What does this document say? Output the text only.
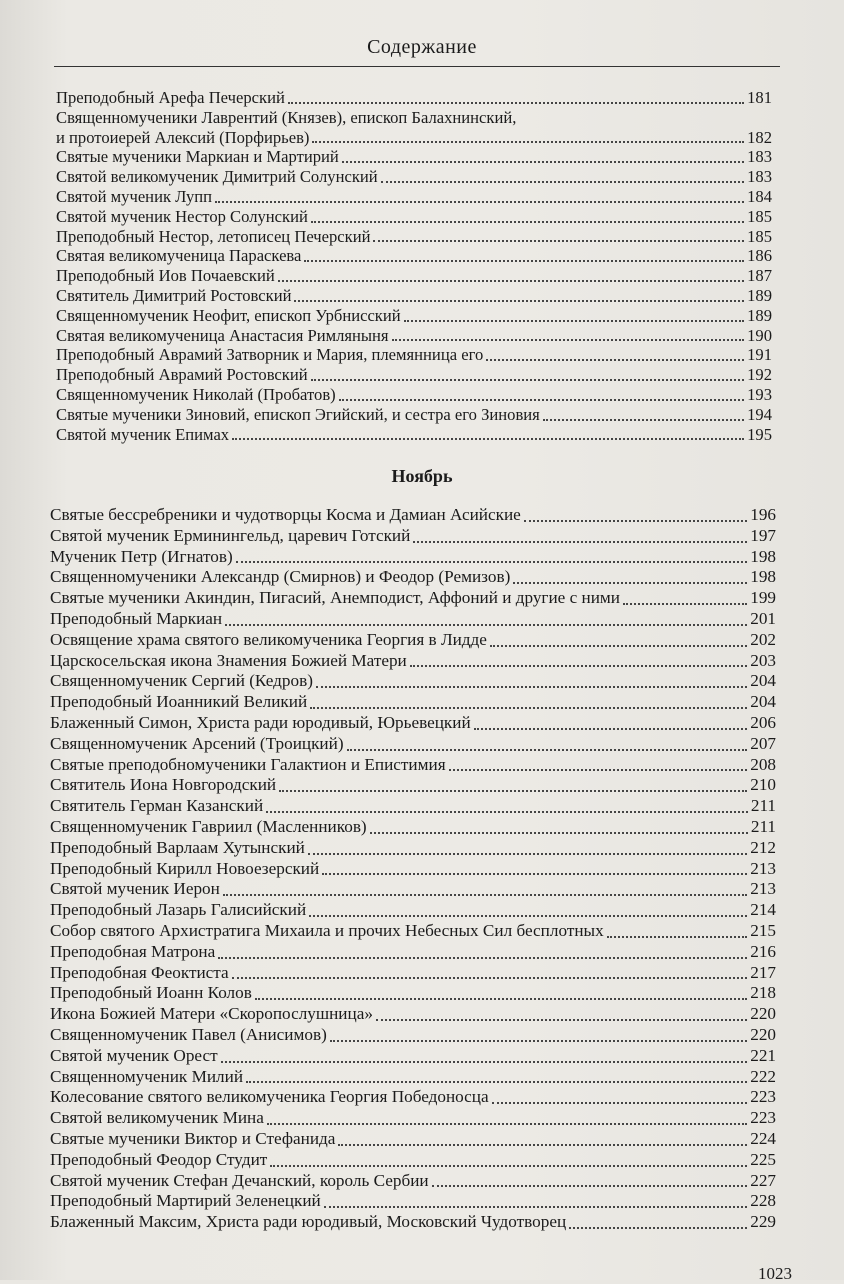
Содержание
Преподобный Арефа Печерский	181
Священномученики Лаврентий (Князев), епископ Балахнинский,
и протоиерей Алексий (Порфирьев)	182
Святые мученики Маркиан и Мартирий	183
Святой великомученик Димитрий Солунский	183
Святой мученик Лупп	184
Святой мученик Нестор Солунский	185
Преподобный Нестор, летописец Печерский	185
Святая великомученица Параскева	186
Преподобный Иов Почаевский	187
Святитель Димитрий Ростовский	189
Священномученик Неофит, епископ Урбнисский	189
Святая великомученица Анастасия Римляныня	190
Преподобный Аврамий Затворник и Мария, племянница его	191
Преподобный Аврамий Ростовский	192
Священномученик Николай (Пробатов)	193
Святые мученики Зиновий, епископ Эгийский, и сестра его Зиновия	194
Святой мученик Епимах	195
Ноябрь
Святые бессребреники и чудотворцы Косма и Дамиан Асийские	196
Святой мученик Ерминингельд, царевич Готский	197
Мученик Петр (Игнатов)	198
Священномученики Александр (Смирнов) и Феодор (Ремизов)	198
Святые мученики Акиндин, Пигасий, Анемподист, Аффоний и другие с ними	199
Преподобный Маркиан	201
Освящение храма святого великомученика Георгия в Лидде	202
Царскосельская икона Знамения Божией Матери	203
Священномученик Сергий (Кедров)	204
Преподобный Иоанникий Великий	204
Блаженный Симон, Христа ради юродивый, Юрьевецкий	206
Священномученик Арсений (Троицкий)	207
Святые преподобномученики Галактион и Епистимия	208
Святитель Иона Новгородский	210
Святитель Герман Казанский	211
Священномученик Гавриил (Масленников)	211
Преподобный Варлаам Хутынский	212
Преподобный Кирилл Новоезерский	213
Святой мученик Иерон	213
Преподобный Лазарь Галисийский	214
Собор святого Архистратига Михаила и прочих Небесных Сил бесплотных	215
Преподобная Матрона	216
Преподобная Феоктиста	217
Преподобный Иоанн Колов	218
Икона Божией Матери «Скоропослушница»	220
Священномученик Павел (Анисимов)	220
Святой мученик Орест	221
Священномученик Милий	222
Колесование святого великомученика Георгия Победоносца	223
Святой великомученик Мина	223
Святые мученики Виктор и Стефанида	224
Преподобный Феодор Студит	225
Святой мученик Стефан Дечанский, король Сербии	227
Преподобный Мартирий Зеленецкий	228
Блаженный Максим, Христа ради юродивый, Московский Чудотворец	229
1023
